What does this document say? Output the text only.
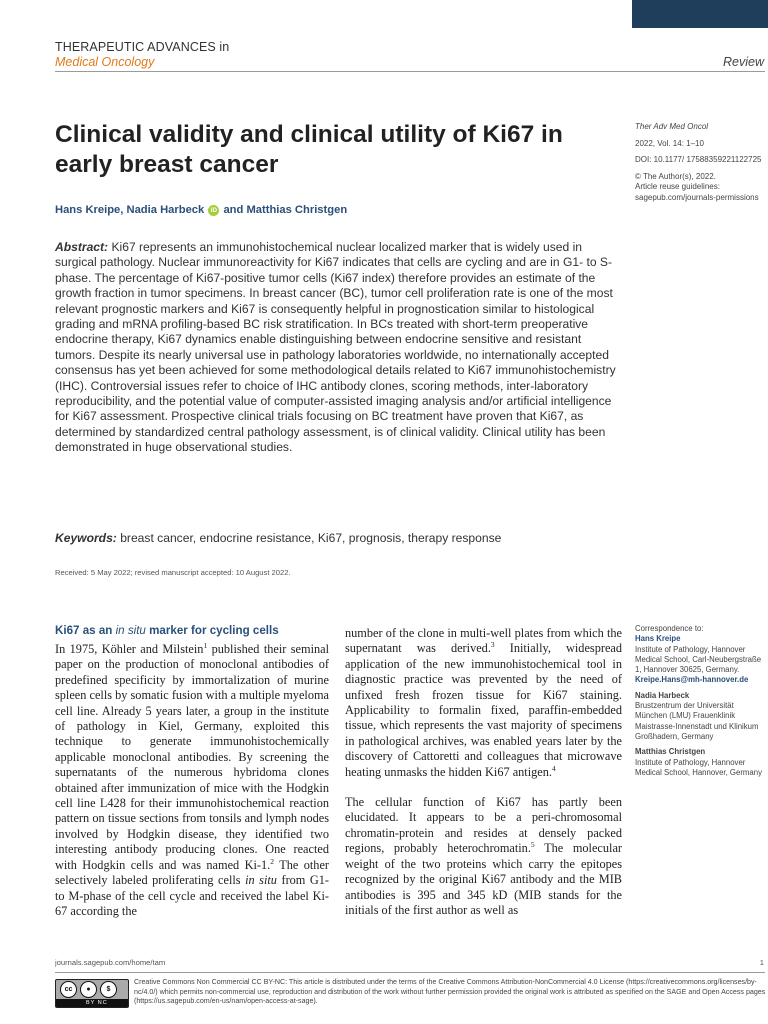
THERAPEUTIC ADVANCES in
Medical Oncology	Review
Clinical validity and clinical utility of Ki67 in early breast cancer
Hans Kreipe, Nadia Harbeck iD and Matthias Christgen
Ther Adv Med Oncol
2022, Vol. 14: 1–10
DOI: 10.1177/ 17588359221122725
© The Author(s), 2022.
Article reuse guidelines: sagepub.com/journals-permissions
Abstract: Ki67 represents an immunohistochemical nuclear localized marker that is widely used in surgical pathology. Nuclear immunoreactivity for Ki67 indicates that cells are cycling and are in G1- to S-phase. The percentage of Ki67-positive tumor cells (Ki67 index) therefore provides an estimate of the growth fraction in tumor specimens. In breast cancer (BC), tumor cell proliferation rate is one of the most relevant prognostic markers and Ki67 is consequently helpful in prognostication similar to histological grading and mRNA profiling-based BC risk stratification. In BCs treated with short-term preoperative endocrine therapy, Ki67 dynamics enable distinguishing between endocrine sensitive and resistant tumors. Despite its nearly universal use in pathology laboratories worldwide, no internationally accepted consensus has yet been achieved for some methodological details related to Ki67 immunohistochemistry (IHC). Controversial issues refer to choice of IHC antibody clones, scoring methods, inter-laboratory reproducibility, and the potential value of computer-assisted imaging analysis and/or artificial intelligence for Ki67 assessment. Prospective clinical trials focusing on BC treatment have proven that Ki67, as determined by standardized central pathology assessment, is of clinical validity. Clinical utility has been demonstrated in huge observational studies.
Keywords: breast cancer, endocrine resistance, Ki67, prognosis, therapy response
Received: 5 May 2022; revised manuscript accepted: 10 August 2022.
Ki67 as an in situ marker for cycling cells
In 1975, Köhler and Milstein$^1$ published their seminal paper on the production of monoclonal antibodies of predefined specificity by immortalization of murine spleen cells by somatic fusion with a multiple myeloma cell line. Already 5 years later, a group in the institute of pathology in Kiel, Germany, exploited this technique to generate immunohistochemically applicable monoclonal antibodies. By screening the supernatants of the numerous hybridoma clones obtained after immunization of mice with the Hodgkin cell line L428 for their immunohistochemical reaction pattern on tissue sections from tonsils and lymph nodes involved by Hodgkin disease, they identified two interesting antibody producing clones. One reacted with Hodgkin cells and was named Ki-1.$^2$ The other selectively labeled proliferating cells in situ from G1- to M-phase of the cell cycle and received the label Ki-67 according the
number of the clone in multi-well plates from which the supernatant was derived.$^3$ Initially, widespread application of the new immunohistochemical tool in diagnostic practice was prevented by the need of unfixed fresh frozen tissue for Ki67 staining. Applicability to formalin fixed, paraffin-embedded tissue, which represents the vast majority of specimens in pathological archives, was enabled years later by the discovery of Cattoretti and colleagues that microwave heating unmasks the hidden Ki67 antigen.$^4$
The cellular function of Ki67 has partly been elucidated. It appears to be a peri-chromosomal chromatin-protein and resides at densely packed regions, probably heterochromatin.$^5$ The molecular weight of the two proteins which carry the epitopes recognized by the original Ki67 antibody and the MIB antibodies is 395 and 345 kD (MIB stands for the initials of the first author as well as

Correspondence to:
Hans Kreipe
Institute of Pathology, Hannover Medical School, Carl-Neubergstraße 1, Hannover 30625, Germany.
Kreipe.Hans@mh-hannover.de

Nadia Harbeck
Brustzentrum der Universität München (LMU) Frauenklinik Maistrasse-Innenstadt und Klinikum Großhadern, Germany

Matthias Christgen
Institute of Pathology, Hannover Medical School, Hannover, Germany

journals.sagepub.com/home/tam	1
cc	●	$
BY NC
Creative Commons Non Commercial CC BY-NC: This article is distributed under the terms of the Creative Commons Attribution-NonCommercial 4.0 License (https://creativecommons.org/licenses/by-nc/4.0/) which permits non-commercial use, reproduction and distribution of the work without further permission provided the original work is attributed as specified on the SAGE and Open Access pages (https://us.sagepub.com/en-us/nam/open-access-at-sage).
